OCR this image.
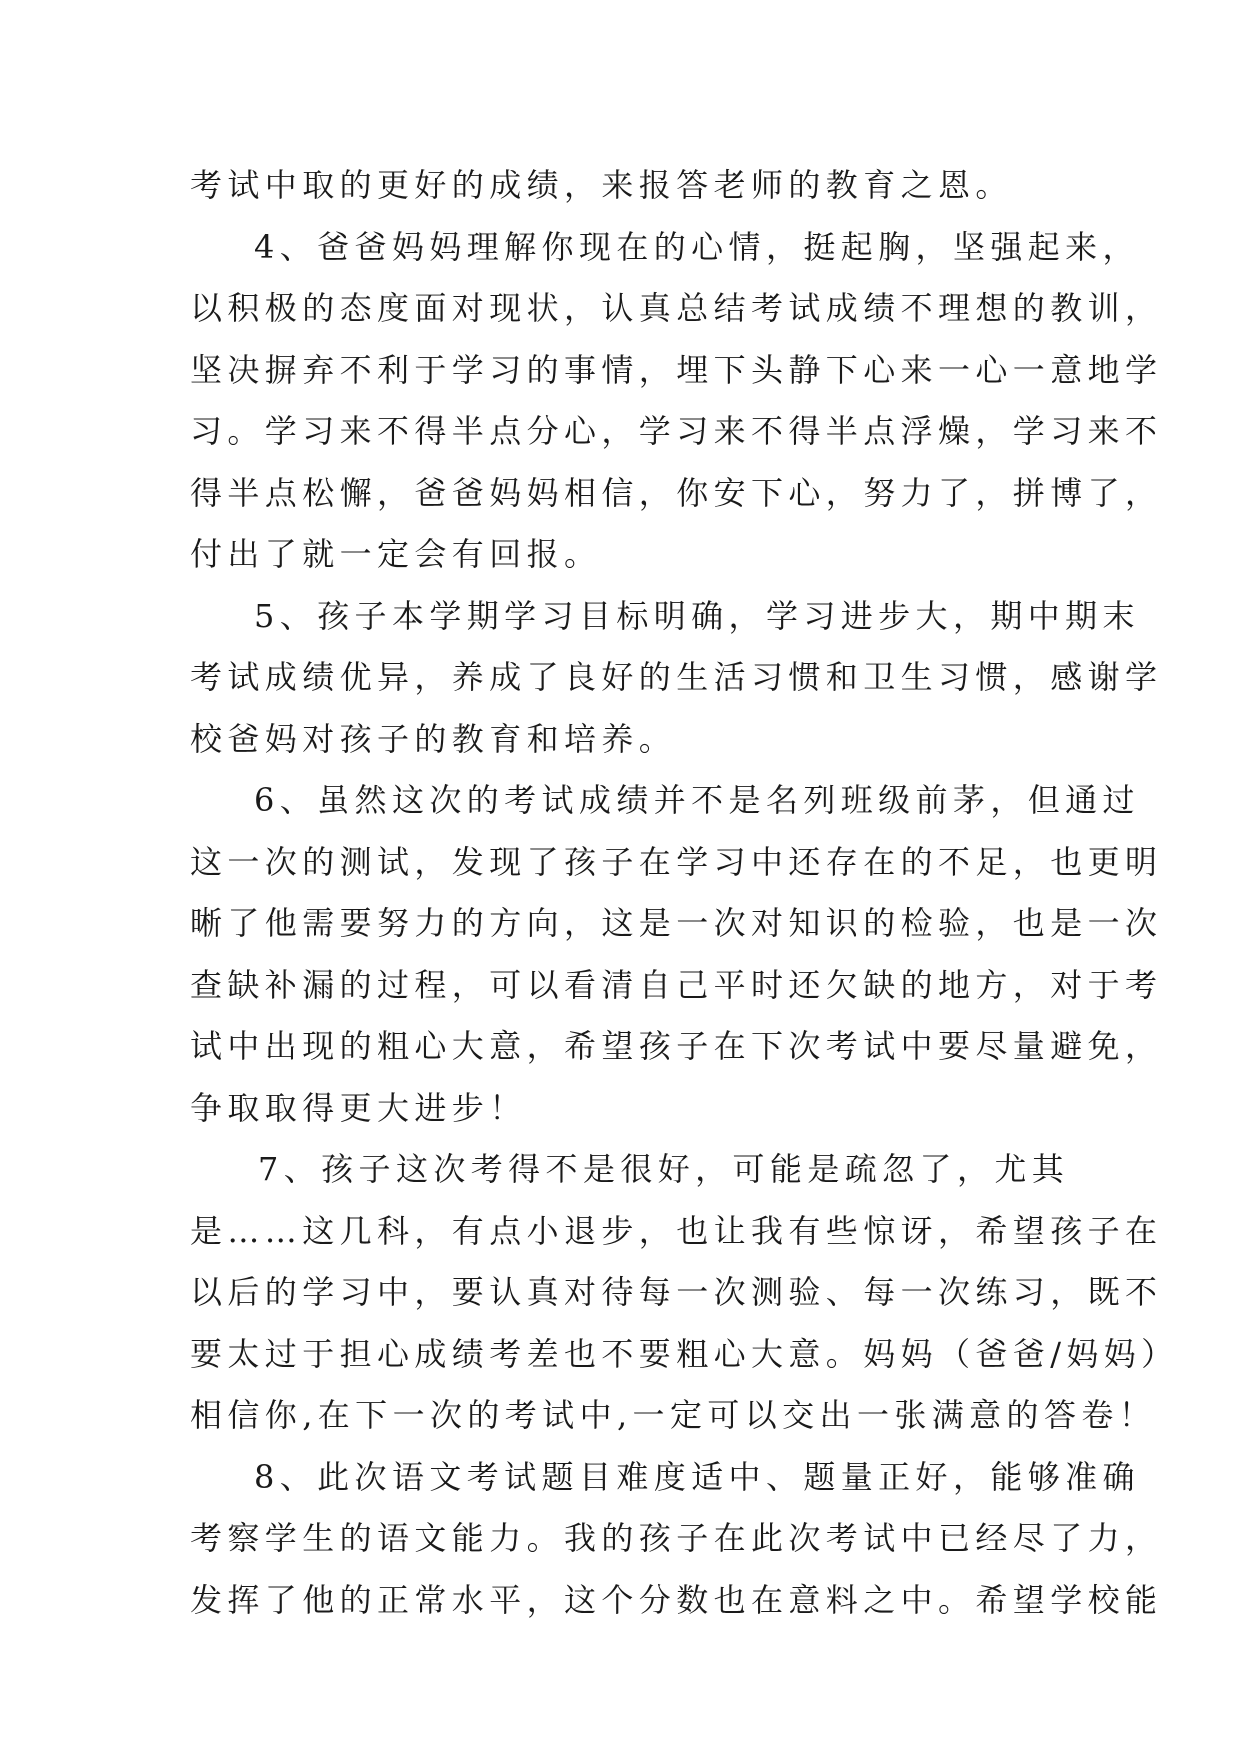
考试中取的更好的成绩，来报答老师的教育之恩。
4、爸爸妈妈理解你现在的心情，挺起胸，坚强起来，
以积极的态度面对现状，认真总结考试成绩不理想的教训，
坚决摒弃不利于学习的事情，埋下头静下心来一心一意地学
习。学习来不得半点分心，学习来不得半点浮燥，学习来不
得半点松懈，爸爸妈妈相信，你安下心，努力了，拼博了，
付出了就一定会有回报。
5、孩子本学期学习目标明确，学习进步大，期中期末
考试成绩优异，养成了良好的生活习惯和卫生习惯，感谢学
校爸妈对孩子的教育和培养。
6、虽然这次的考试成绩并不是名列班级前茅，但通过
这一次的测试，发现了孩子在学习中还存在的不足，也更明
晰了他需要努力的方向，这是一次对知识的检验，也是一次
查缺补漏的过程，可以看清自己平时还欠缺的地方，对于考
试中出现的粗心大意，希望孩子在下次考试中要尽量避免，
争取取得更大进步！
7、孩子这次考得不是很好，可能是疏忽了，尤其
是……这几科，有点小退步，也让我有些惊讶，希望孩子在
以后的学习中，要认真对待每一次测验、每一次练习，既不
要太过于担心成绩考差也不要粗心大意。妈妈（爸爸/妈妈）
相信你,在下一次的考试中,一定可以交出一张满意的答卷！
8、此次语文考试题目难度适中、题量正好，能够准确
考察学生的语文能力。我的孩子在此次考试中已经尽了力，
发挥了他的正常水平，这个分数也在意料之中。希望学校能
